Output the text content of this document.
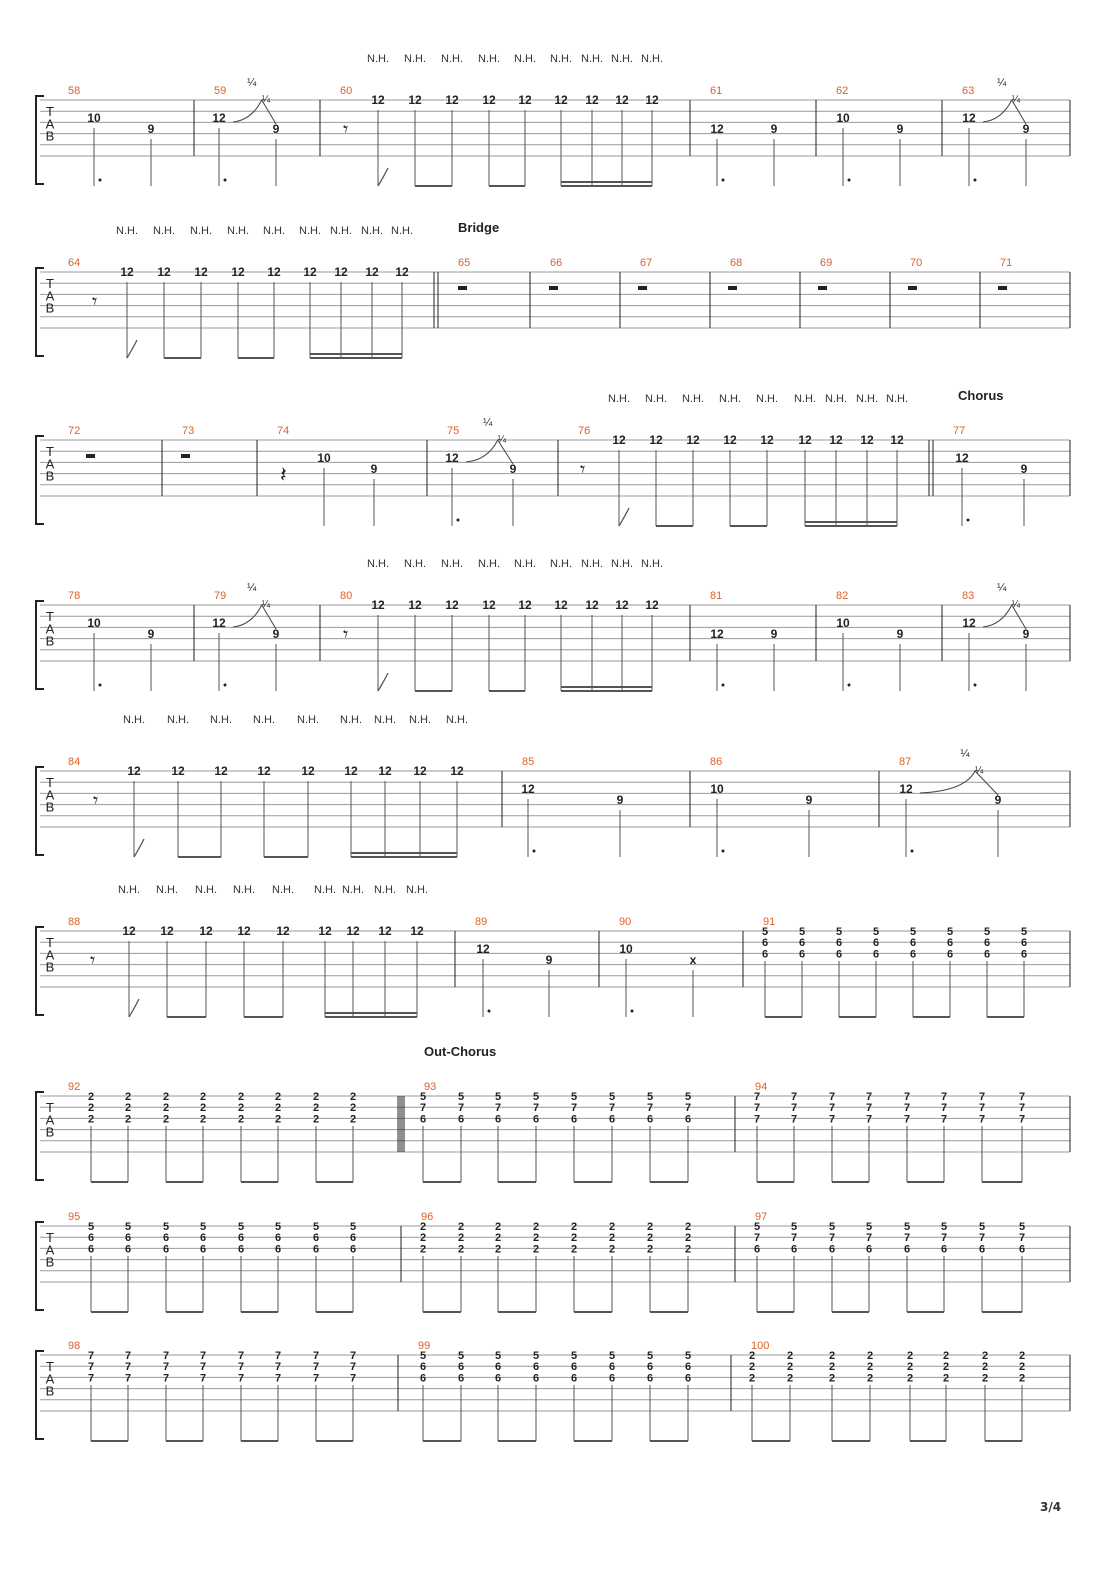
T
A
B
58
10
9
59
12
9
¼
¼
60
𝄾
N.H. N.H. N.H. N.H. N.H. N.H. N.H. N.H. N.H.
12 12 12 12 12 12 12 12 12
61
12	9
62
10
9
63
12
9
¼
¼
T
A
B
64
𝄾
N.H. N.H. N.H. N.H. N.H. N.H. N.H. N.H. N.H.
12 12 12 12 12 12 12 12 12
65
Bridge
66	67	68	69	70	71
T
A
B
72	73	74
𝄽
10
9
75
12
9
¼
¼
76
𝄾
N.H. N.H. N.H. N.H. N.H. N.H. N.H. N.H. N.H.
12 12 12 12 12 12 12 12 12
77
Chorus
12
9
T
A
B
78
10
9
79
12
9
¼
¼
80
𝄾
N.H. N.H. N.H. N.H. N.H. N.H. N.H. N.H. N.H.
12 12 12 12 12 12 12 12 12
81
12	9
82
10
9
83
12
9
¼
¼
T
A
B
84
𝄾
N.H. N.H. N.H. N.H. N.H. N.H. N.H. N.H. N.H.
12	12 12 12	12 12 12 12 12
85
12
9
86
10
9
87
12
9
¼
¼
T
A
B
88
𝄾
N.H. N.H. N.H. N.H. N.H. N.H. N.H. N.H. N.H.
12 12 12 12 12 12 12 12 12
89
12
9
90
10
x
91
5
6
6
5
6
6
5
6
6
5
6
6
5
6
6
5
6
6
5
6
6
5
6
6
T
A
B
92
2
2
2
2
2
2
2
2
2
2
2
2
2
2
2
2
2
2
2
2
2
2
2
2
93
Out-Chorus
5
7
6
5
7
6
5
7
6
5
7
6
5
7
6
5
7
6
5
7
6
5
7
6
94
7
7
7
7
7
7
7
7
7
7
7
7
7
7
7
7
7
7
7
7
7
7
7
7
T
A
B
95
5
6
6
5
6
6
5
6
6
5
6
6
5
6
6
5
6
6
5
6
6
5
6
6
96
2
2
2
2
2
2
2
2
2
2
2
2
2
2
2
2
2
2
2
2
2
2
2
2
97
5
7
6
5
7
6
5
7
6
5
7
6
5
7
6
5
7
6
5
7
6
5
7
6
T
A
B
98
7
7
7
7
7
7
7
7
7
7
7
7
7
7
7
7
7
7
7
7
7
7
7
7
99
5
6
6
5
6
6
5
6
6
5
6
6
5
6
6
5
6
6
5
6
6
5
6
6
100
2
2
2
2
2
2
2
2
2
2
2
2
2
2
2
2
2
2
2
2
2
2
2
2
3/4
